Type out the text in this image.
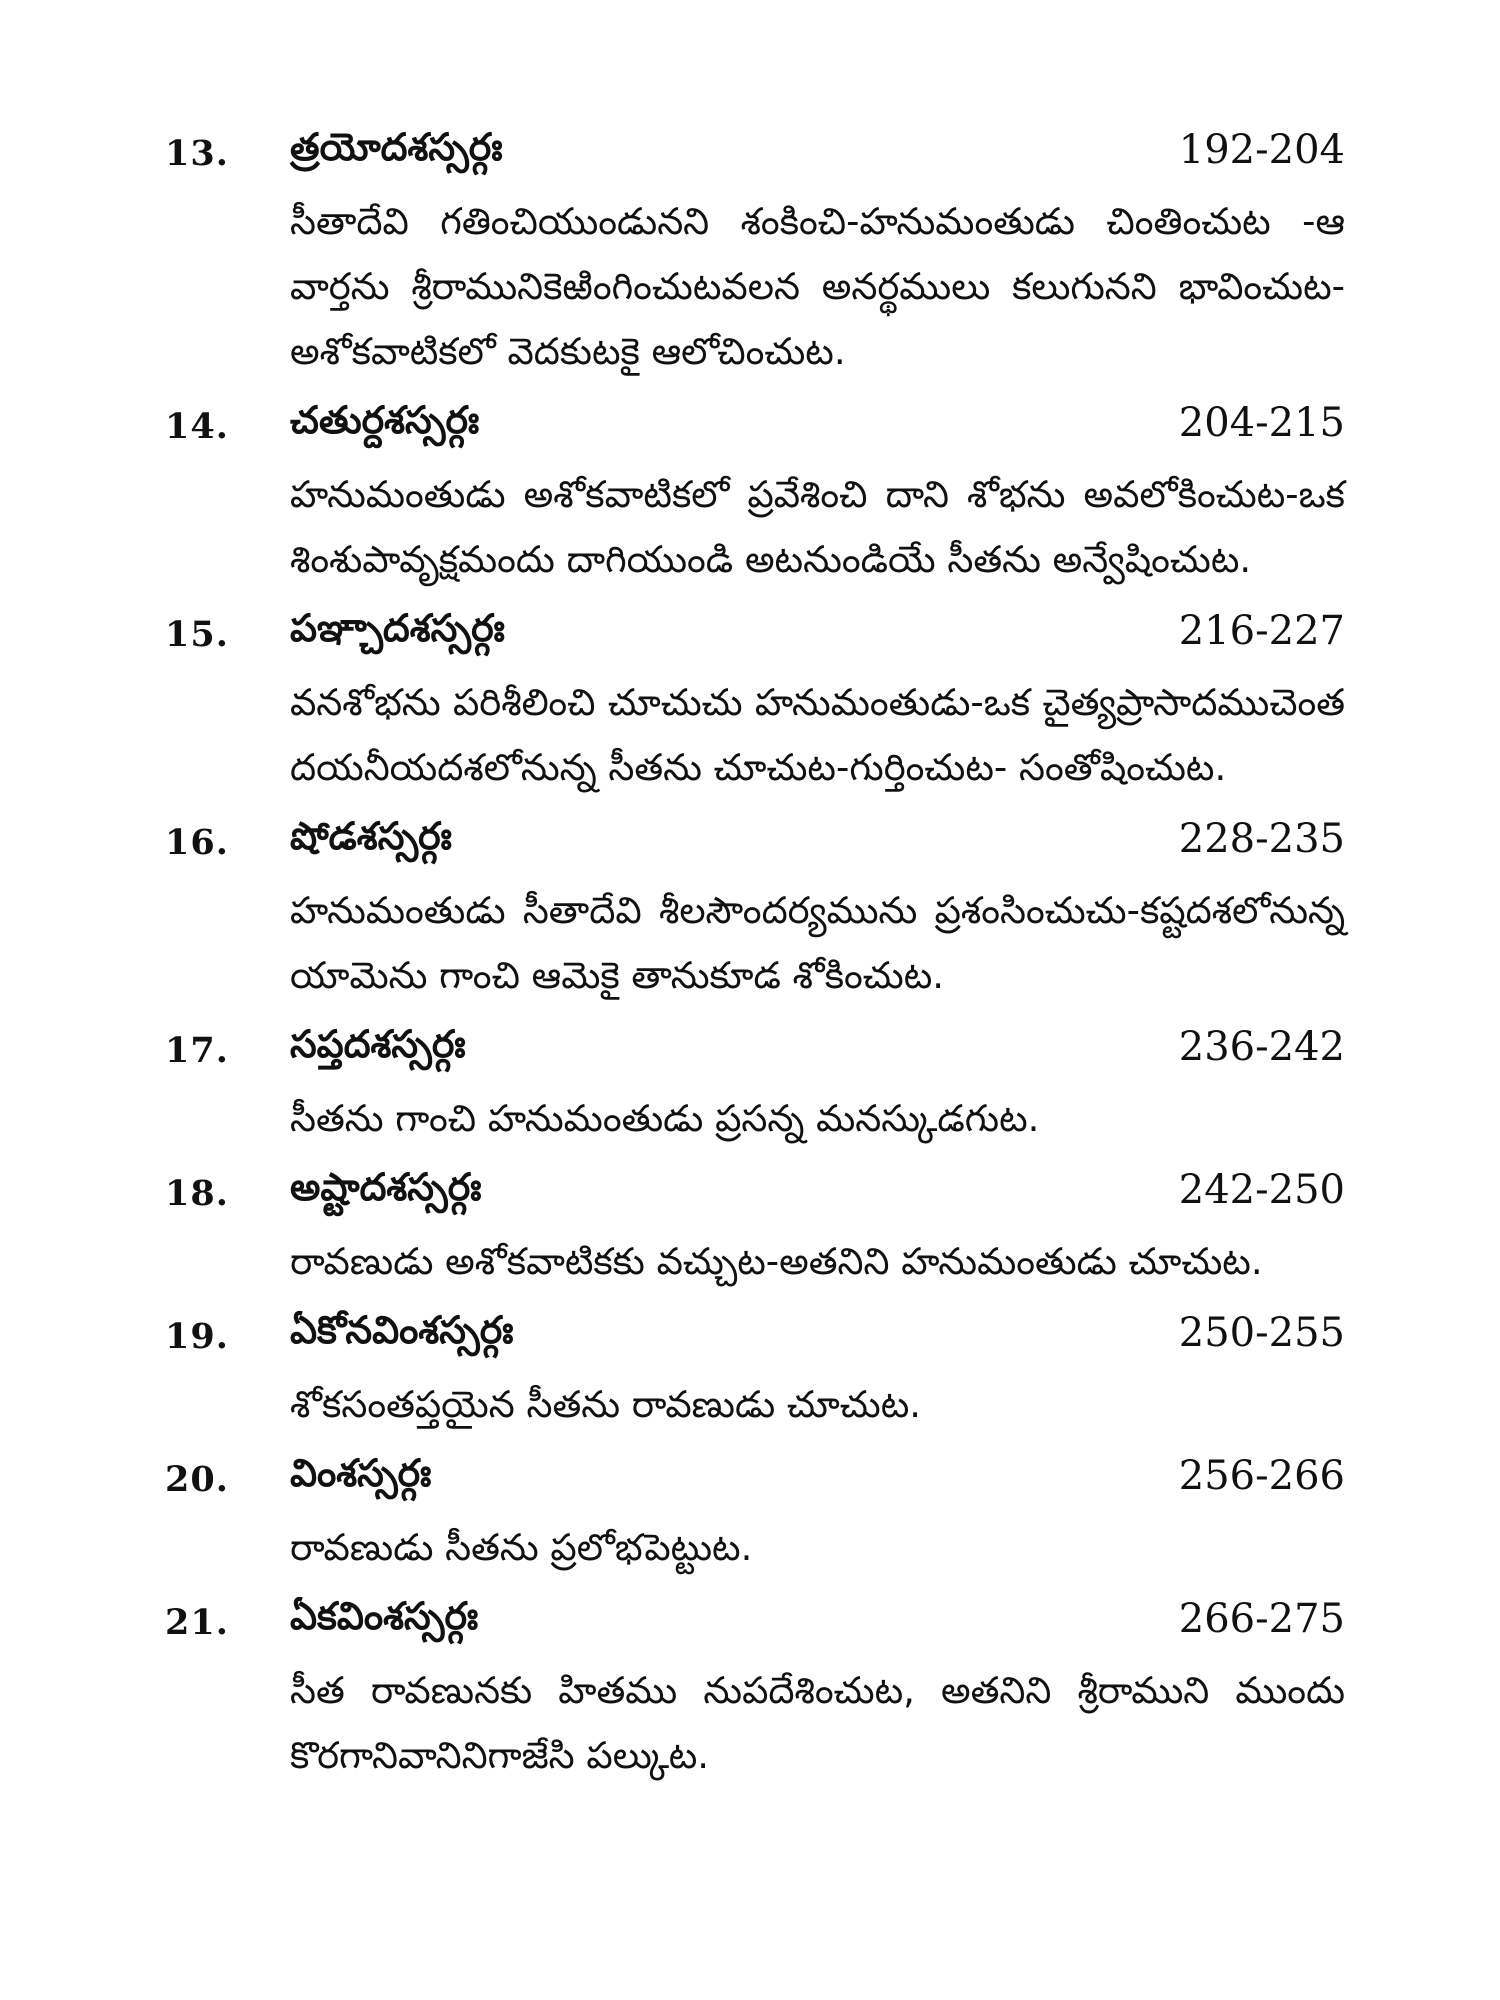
13. త్రయోదశస్సర్గః	192-204
సీతాదేవి గతించియుండునని శంకించి-హనుమంతుడు చింతించుట -ఆ వార్తను శ్రీరామునికెఱింగించుటవలన అనర్థములు కలుగునని భావించుట-అశోకవాటికలో వెదకుటకై ఆలోచించుట.
14. చతుర్దశస్సర్గః	204-215
హనుమంతుడు అశోకవాటికలో ప్రవేశించి దాని శోభను అవలోకించుట-ఒక శింశుపావృక్షమందు దాగియుండి అటనుండియే సీతను అన్వేషించుట.
15. పఞ్చాదశస్సర్గః	216-227
వనశోభను పరిశీలించి చూచుచు హనుమంతుడు-ఒక చైత్యప్రాసాదముచెంత దయనీయదశలోనున్న సీతను చూచుట-గుర్తించుట- సంతోషించుట.
16. షోడశస్సర్గః	228-235
హనుమంతుడు సీతాదేవి శీలసౌందర్యమును ప్రశంసించుచు-కష్టదశలోనున్న యామెను గాంచి ఆమెకై తానుకూడ శోకించుట.
17. సప్తదశస్సర్గః	236-242
సీతను గాంచి హనుమంతుడు ప్రసన్న మనస్కుడగుట.
18. అష్టాదశస్సర్గః	242-250
రావణుడు అశోకవాటికకు వచ్చుట-అతనిని హనుమంతుడు చూచుట.
19. ఏకోనవింశస్సర్గః	250-255
శోకసంతప్తయైన సీతను రావణుడు చూచుట.
20. వింశస్సర్గః	256-266
రావణుడు సీతను ప్రలోభపెట్టుట.
21. ఏకవింశస్సర్గః	266-275
సీత రావణునకు హితము నుపదేశించుట, అతనిని శ్రీరాముని ముందు కొరగానివానినిగాజేసి పల్కుట.
